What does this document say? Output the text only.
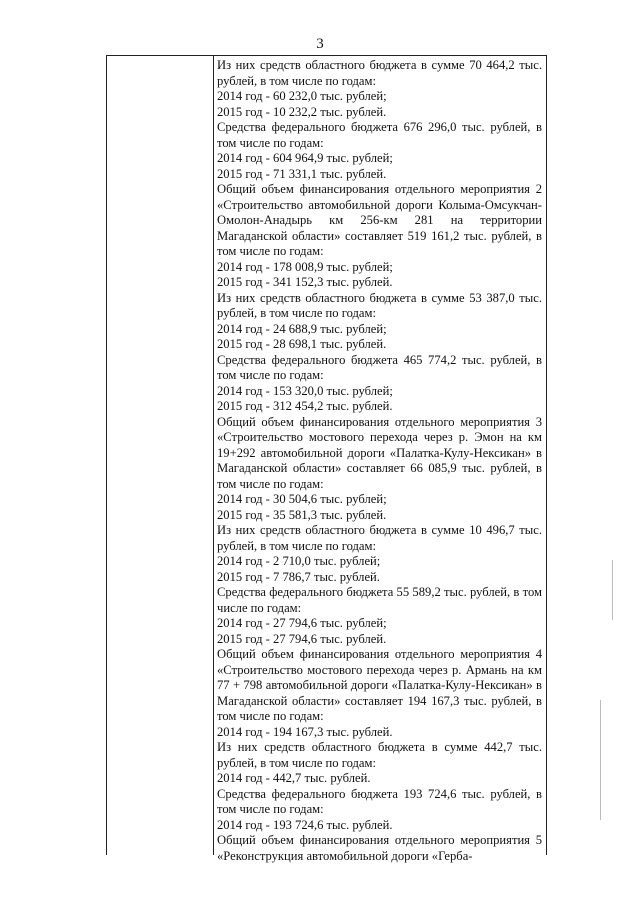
3
Из них средств областного бюджета в сумме 70 464,2 тыс. рублей, в том числе по годам:
2014 год - 60 232,0 тыс. рублей;
2015 год - 10 232,2 тыс. рублей.
Средства федерального бюджета 676 296,0 тыс. рублей, в том числе по годам:
2014 год - 604 964,9 тыс. рублей;
2015 год - 71 331,1 тыс. рублей.
Общий объем финансирования отдельного мероприятия 2 «Строительство автомобильной дороги Колыма-Омсукчан-Омолон-Анадырь км 256-км 281 на территории Магаданской области» составляет 519 161,2 тыс. рублей, в том числе по годам:
2014 год - 178 008,9 тыс. рублей;
2015 год - 341 152,3 тыс. рублей.
Из них средств областного бюджета в сумме 53 387,0 тыс. рублей, в том числе по годам:
2014 год - 24 688,9 тыс. рублей;
2015 год - 28 698,1 тыс. рублей.
Средства федерального бюджета 465 774,2 тыс. рублей, в том числе по годам:
2014 год - 153 320,0 тыс. рублей;
2015 год - 312 454,2 тыс. рублей.
Общий объем финансирования отдельного мероприятия 3 «Строительство мостового перехода через р. Эмон на км 19+292 автомобильной дороги «Палатка-Кулу-Нексикан» в Магаданской области» составляет 66 085,9 тыс. рублей, в том числе по годам:
2014 год - 30 504,6 тыс. рублей;
2015 год - 35 581,3 тыс. рублей.
Из них средств областного бюджета в сумме 10 496,7 тыс. рублей, в том числе по годам:
2014 год - 2 710,0 тыс. рублей;
2015 год - 7 786,7 тыс. рублей.
Средства федерального бюджета 55 589,2 тыс. рублей, в том числе по годам:
2014 год - 27 794,6 тыс. рублей;
2015 год - 27 794,6 тыс. рублей.
Общий объем финансирования отдельного мероприятия 4 «Строительство мостового перехода через р. Армань на км 77 + 798 автомобильной дороги «Палатка-Кулу-Нексикан» в Магаданской области» составляет 194 167,3 тыс. рублей, в том числе по годам:
2014 год - 194 167,3 тыс. рублей.
Из них средств областного бюджета в сумме 442,7 тыс. рублей, в том числе по годам:
2014 год - 442,7 тыс. рублей.
Средства федерального бюджета 193 724,6 тыс. рублей, в том числе по годам:
2014 год - 193 724,6 тыс. рублей.
Общий объем финансирования отдельного мероприятия 5 «Реконструкция автомобильной дороги «Герба-
